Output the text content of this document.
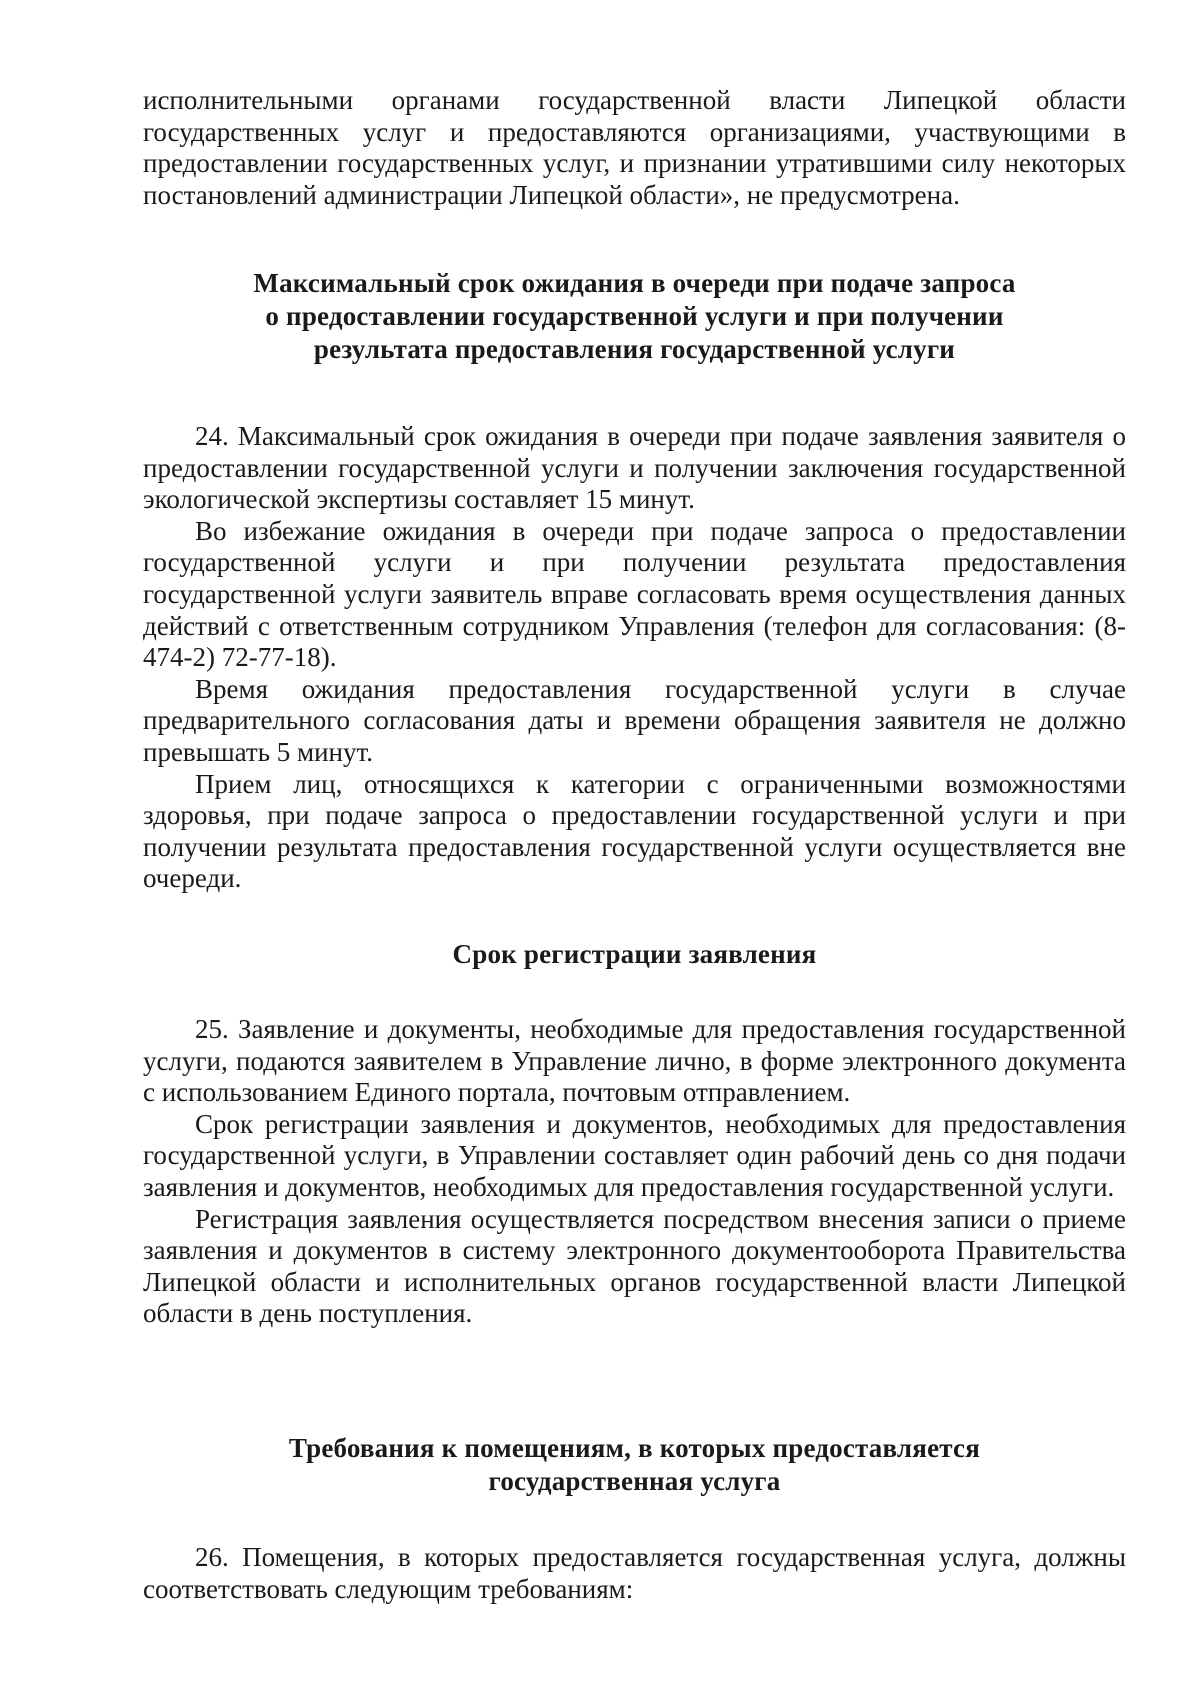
исполнительными органами государственной власти Липецкой области государственных услуг и предоставляются организациями, участвующими в предоставлении государственных услуг, и признании утратившими силу некоторых постановлений администрации Липецкой области», не предусмотрена.

Максимальный срок ожидания в очереди при подаче запроса
о предоставлении государственной услуги и при получении
результата предоставления государственной услуги

24. Максимальный срок ожидания в очереди при подаче заявления заявителя о предоставлении государственной услуги и получении заключения государственной экологической экспертизы составляет 15 минут.

Во избежание ожидания в очереди при подаче запроса о предоставлении государственной услуги и при получении результата предоставления государственной услуги заявитель вправе согласовать время осуществления данных действий с ответственным сотрудником Управления (телефон для согласования: (8-474-2) 72-77-18).

Время ожидания предоставления государственной услуги в случае предварительного согласования даты и времени обращения заявителя не должно превышать 5 минут.

Прием лиц, относящихся к категории с ограниченными возможностями здоровья, при подаче запроса о предоставлении государственной услуги и при получении результата предоставления государственной услуги осуществляется вне очереди.

Срок регистрации заявления

25. Заявление и документы, необходимые для предоставления государственной услуги, подаются заявителем в Управление лично, в форме электронного документа с использованием Единого портала, почтовым отправлением.

Срок регистрации заявления и документов, необходимых для предоставления государственной услуги, в Управлении составляет один рабочий день со дня подачи заявления и документов, необходимых для предоставления государственной услуги.

Регистрация заявления осуществляется посредством внесения записи о приеме заявления и документов в систему электронного документооборота Правительства Липецкой области и исполнительных органов государственной власти Липецкой области в день поступления.

Требования к помещениям, в которых предоставляется
государственная услуга

26. Помещения, в которых предоставляется государственная услуга, должны соответствовать следующим требованиям:
